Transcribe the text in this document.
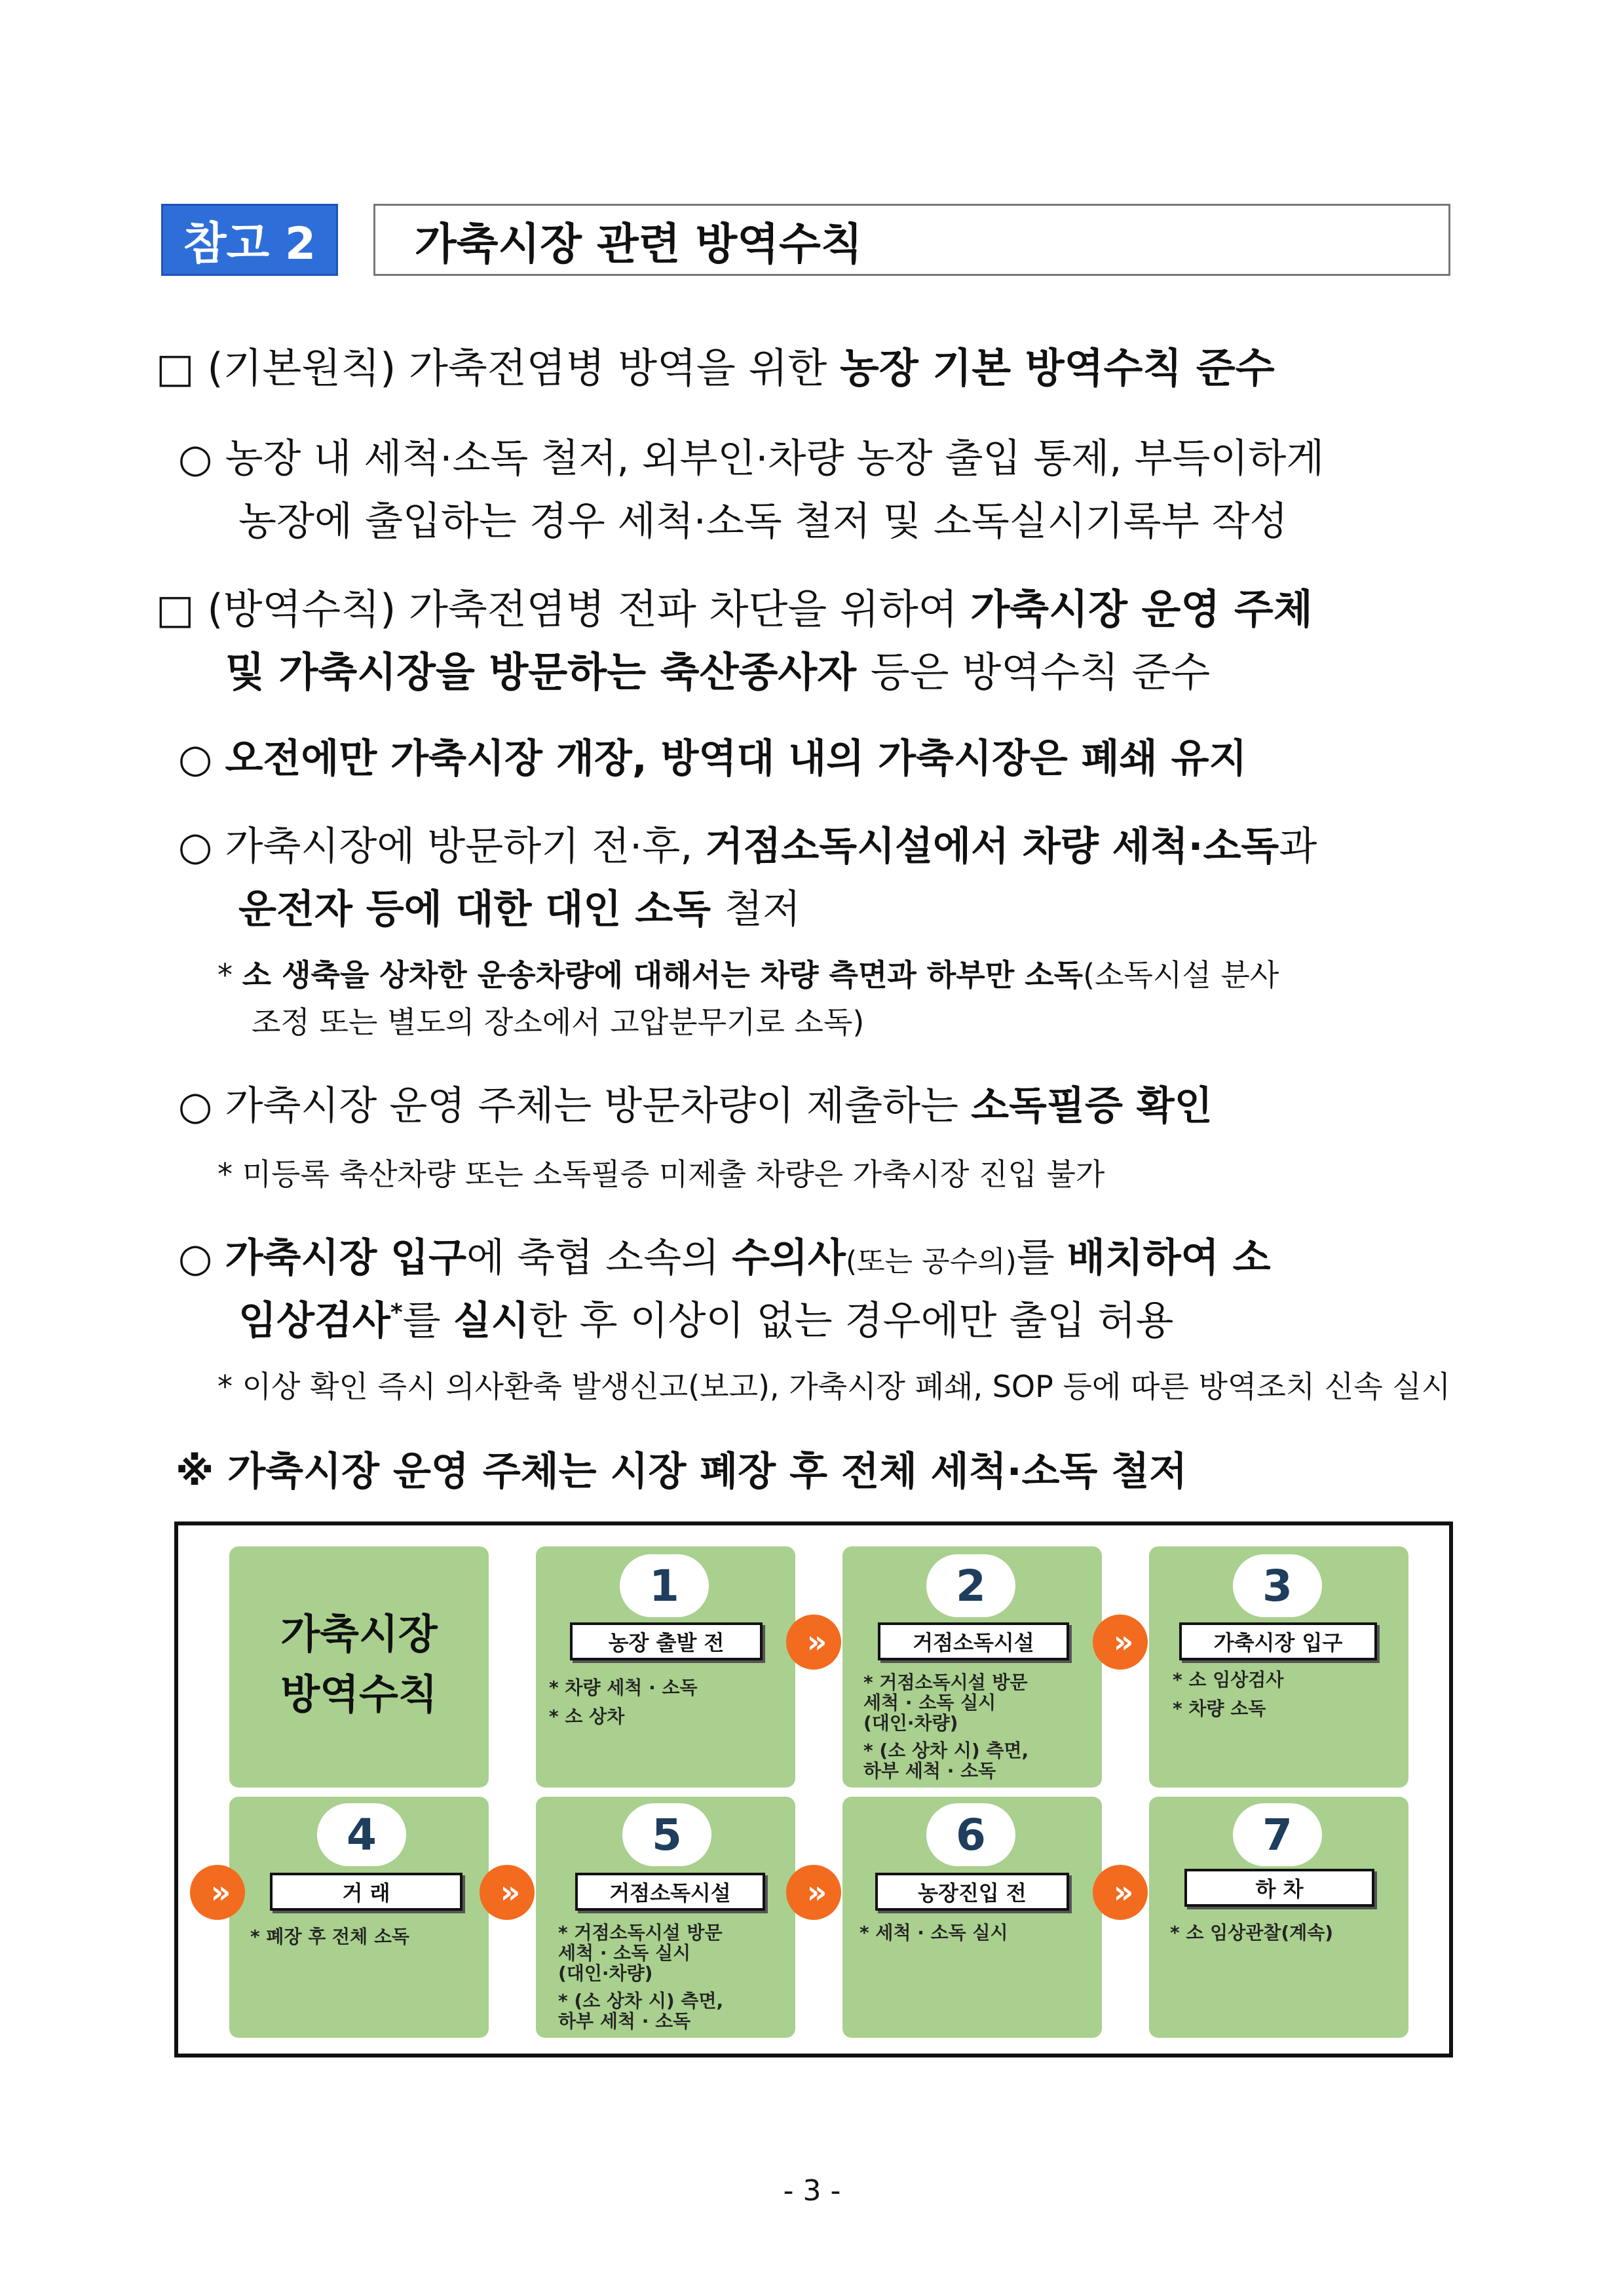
참고 2	가축시장 관련 방역수칙
□ (기본원칙) 가축전염병 방역을 위한 농장 기본 방역수칙 준수
○ 농장 내 세척·소독 철저, 외부인·차량 농장 출입 통제, 부득이하게
농장에 출입하는 경우 세척·소독 철저 및 소독실시기록부 작성
□ (방역수칙) 가축전염병 전파 차단을 위하여 가축시장 운영 주체
및 가축시장을 방문하는 축산종사자 등은 방역수칙 준수
○ 오전에만 가축시장 개장, 방역대 내의 가축시장은 폐쇄 유지
○ 가축시장에 방문하기 전·후, 거점소독시설에서 차량 세척·소독과
운전자 등에 대한 대인 소독 철저
* 소 생축을 상차한 운송차량에 대해서는 차량 측면과 하부만 소독(소독시설 분사
조정 또는 별도의 장소에서 고압분무기로 소독)
○ 가축시장 운영 주체는 방문차량이 제출하는 소독필증 확인
* 미등록 축산차량 또는 소독필증 미제출 차량은 가축시장 진입 불가
○ 가축시장 입구에 축협 소속의 수의사(또는 공수의)를 배치하여 소
임상검사*를 실시한 후 이상이 없는 경우에만 출입 허용
* 이상 확인 즉시 의사환축 발생신고(보고), 가축시장 폐쇄, SOP 등에 따른 방역조치 신속 실시
※ 가축시장 운영 주체는 시장 폐장 후 전체 세척·소독 철저
가축시장
방역수칙
1
농장 출발 전
* 차량 세척 · 소독
* 소 상차
»
2
거점소독시설
* 거점소독시설 방문
세척 · 소독 실시
(대인·차량)
* (소 상차 시) 측면,
하부 세척 · 소독
»
3
가축시장 입구
* 소 임상검사
* 차량 소독
»
4
거 래
* 폐장 후 전체 소독
»
5
거점소독시설
* 거점소독시설 방문
세척 · 소독 실시
(대인·차량)
* (소 상차 시) 측면,
하부 세척 · 소독
»
6
농장진입 전
* 세척 · 소독 실시
»
7
하 차
* 소 임상관찰(계속)
- 3 -
